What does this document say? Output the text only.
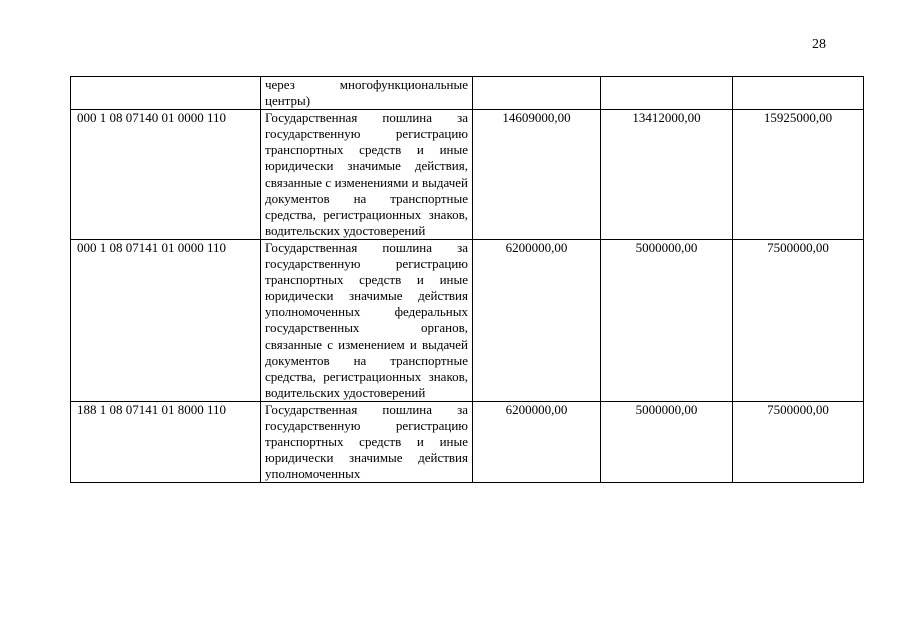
28
	через многофункциональные центры)			
000 1 08 07140 01 0000 110	Государственная пошлина за государственную регистрацию транспортных средств и иные юридически значимые действия, связанные с изменениями и выдачей документов на транспортные средства, регистрационных знаков, водительских удостоверений	14609000,00	13412000,00	15925000,00
000 1 08 07141 01 0000 110	Государственная пошлина за государственную регистрацию транспортных средств и иные юридически значимые действия уполномоченных федеральных государственных органов, связанные с изменением и выдачей документов на транспортные средства, регистрационных знаков, водительских удостоверений	6200000,00	5000000,00	7500000,00
188 1 08 07141 01 8000 110	Государственная пошлина за государственную регистрацию транспортных средств и иные юридически значимые действия уполномоченных	6200000,00	5000000,00	7500000,00
